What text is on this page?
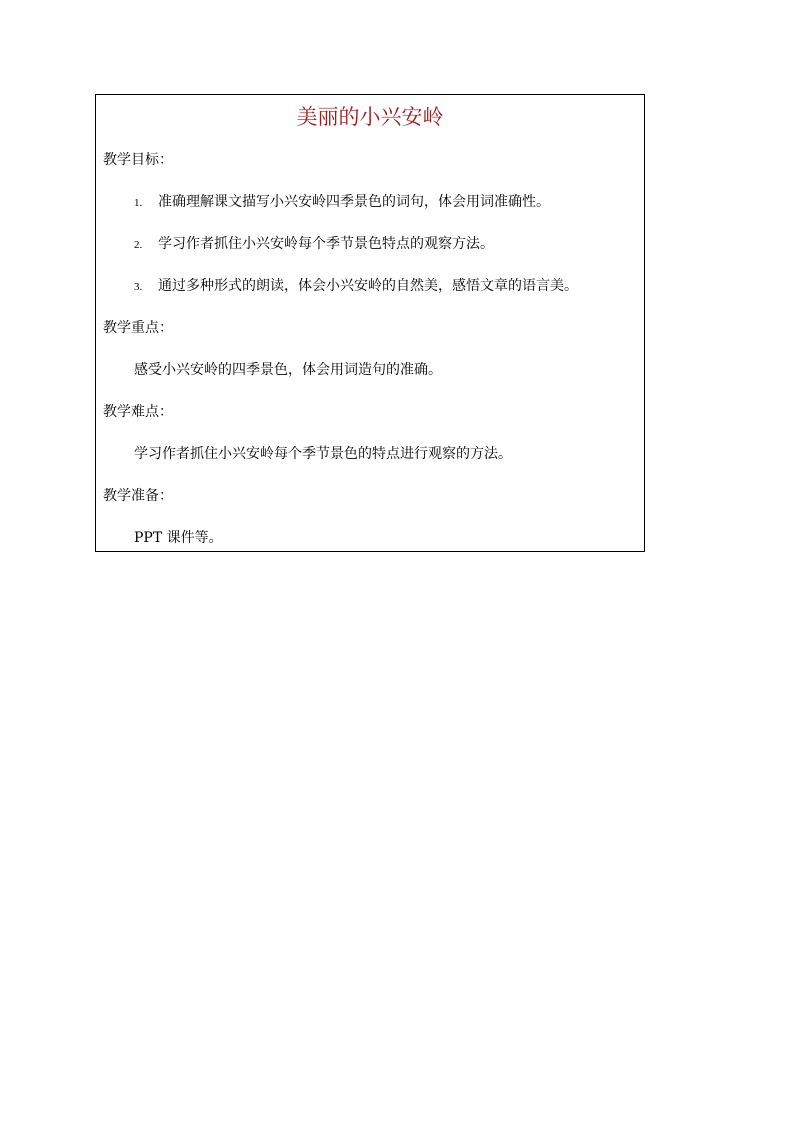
美丽的小兴安岭
教学目标：
1. 准确理解课文描写小兴安岭四季景色的词句，体会用词准确性。
2. 学习作者抓住小兴安岭每个季节景色特点的观察方法。
3. 通过多种形式的朗读，体会小兴安岭的自然美，感悟文章的语言美。
教学重点：
感受小兴安岭的四季景色，体会用词造句的准确。
教学难点：
学习作者抓住小兴安岭每个季节景色的特点进行观察的方法。
教学准备：
PPT 课件等。
